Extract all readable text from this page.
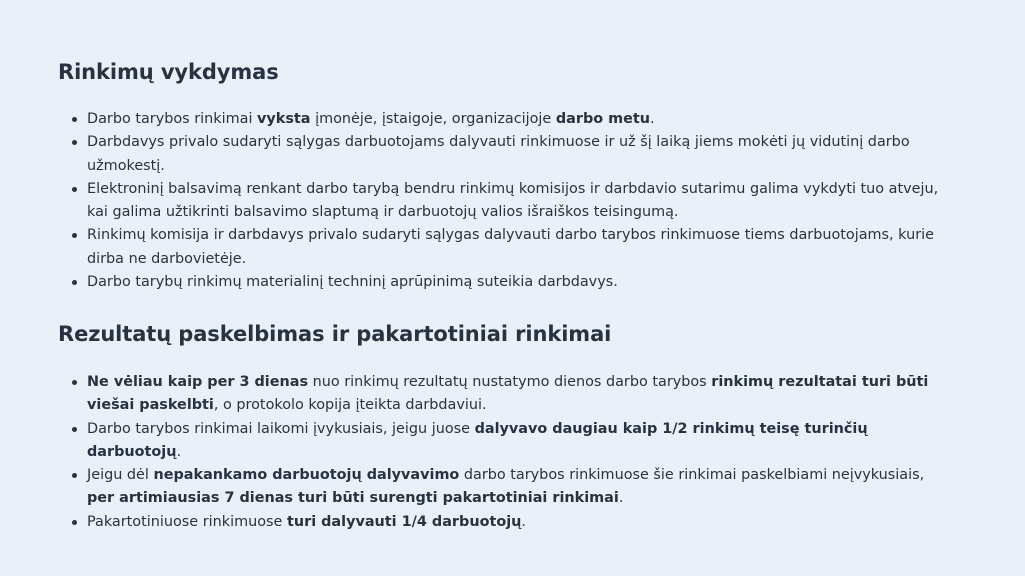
Rinkimų vykdymas
Darbo tarybos rinkimai vyksta įmonėje, įstaigoje, organizacijoje darbo metu.
Darbdavys privalo sudaryti sąlygas darbuotojams dalyvauti rinkimuose ir už šį laiką jiems mokėti jų vidutinį darbo užmokestį.
Elektroninį balsavimą renkant darbo tarybą bendru rinkimų komisijos ir darbdavio sutarimu galima vykdyti tuo atveju, kai galima užtikrinti balsavimo slaptumą ir darbuotojų valios išraiškos teisingumą.
Rinkimų komisija ir darbdavys privalo sudaryti sąlygas dalyvauti darbo tarybos rinkimuose tiems darbuotojams, kurie dirba ne darbovietėje.
Darbo tarybų rinkimų materialinį techninį aprūpinimą suteikia darbdavys.
Rezultatų paskelbimas ir pakartotiniai rinkimai
Ne vėliau kaip per 3 dienas nuo rinkimų rezultatų nustatymo dienos darbo tarybos rinkimų rezultatai turi būti viešai paskelbti, o protokolo kopija įteikta darbdaviui.
Darbo tarybos rinkimai laikomi įvykusiais, jeigu juose dalyvavo daugiau kaip 1/2 rinkimų teisę turinčių darbuotojų.
Jeigu dėl nepakankamo darbuotojų dalyvavimo darbo tarybos rinkimuose šie rinkimai paskelbiami neįvykusiais, per artimiausias 7 dienas turi būti surengti pakartotiniai rinkimai.
Pakartotiniuose rinkimuose turi dalyvauti 1/4 darbuotojų.
